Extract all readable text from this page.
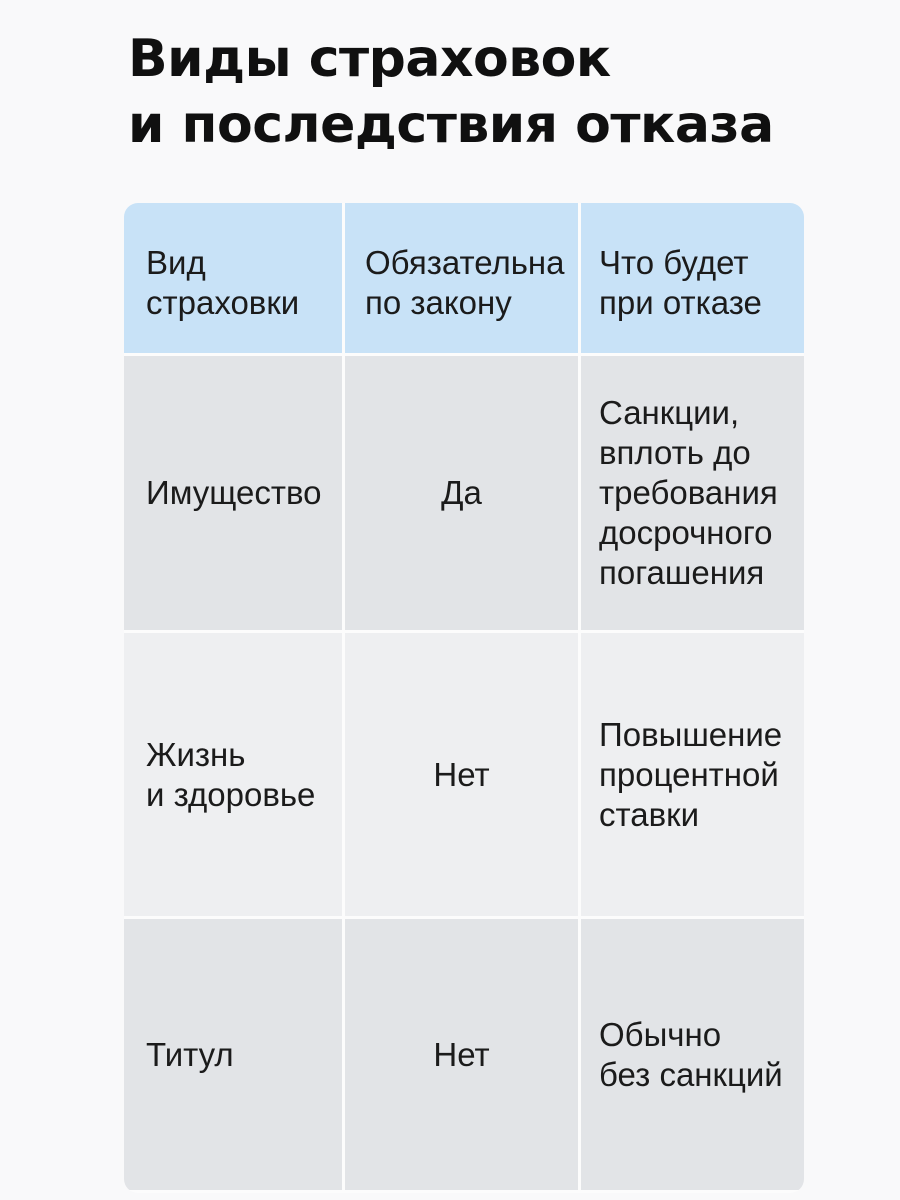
Виды страховок
и последствия отказа
Вид
страховки
Обязательна
по закону
Что будет
при отказе
Имущество	Да
Санкции,
вплоть до
требования
досрочного
погашения
Жизнь
и здоровье
Нет
Повышение
процентной
ставки
Титул	Нет
Обычно
без санкций
